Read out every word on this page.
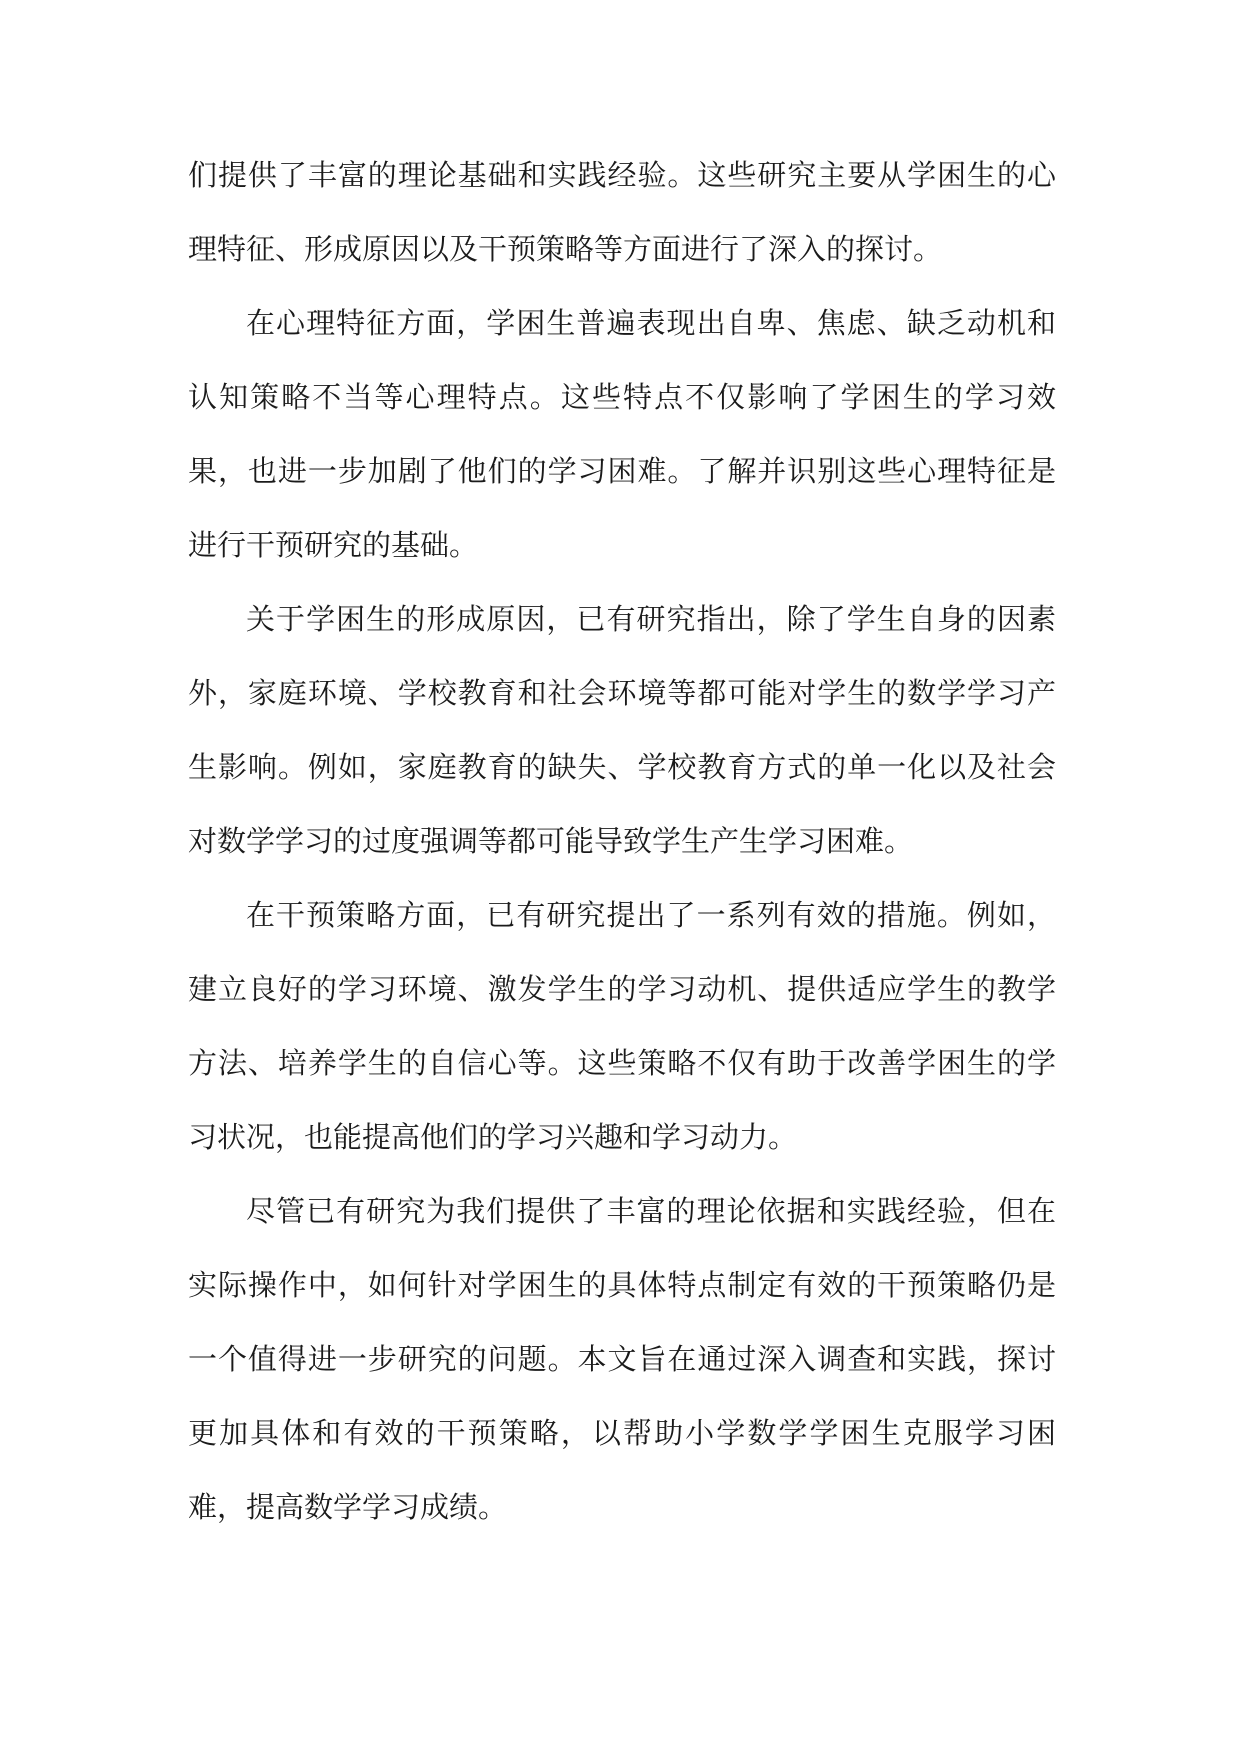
们提供了丰富的理论基础和实践经验。这些研究主要从学困生的心理特征、形成原因以及干预策略等方面进行了深入的探讨。

在心理特征方面，学困生普遍表现出自卑、焦虑、缺乏动机和认知策略不当等心理特点。这些特点不仅影响了学困生的学习效果，也进一步加剧了他们的学习困难。了解并识别这些心理特征是进行干预研究的基础。

关于学困生的形成原因，已有研究指出，除了学生自身的因素外，家庭环境、学校教育和社会环境等都可能对学生的数学学习产生影响。例如，家庭教育的缺失、学校教育方式的单一化以及社会对数学学习的过度强调等都可能导致学生产生学习困难。

在干预策略方面，已有研究提出了一系列有效的措施。例如，建立良好的学习环境、激发学生的学习动机、提供适应学生的教学方法、培养学生的自信心等。这些策略不仅有助于改善学困生的学习状况，也能提高他们的学习兴趣和学习动力。

尽管已有研究为我们提供了丰富的理论依据和实践经验，但在实际操作中，如何针对学困生的具体特点制定有效的干预策略仍是一个值得进一步研究的问题。本文旨在通过深入调查和实践，探讨更加具体和有效的干预策略，以帮助小学数学学困生克服学习困难，提高数学学习成绩。
